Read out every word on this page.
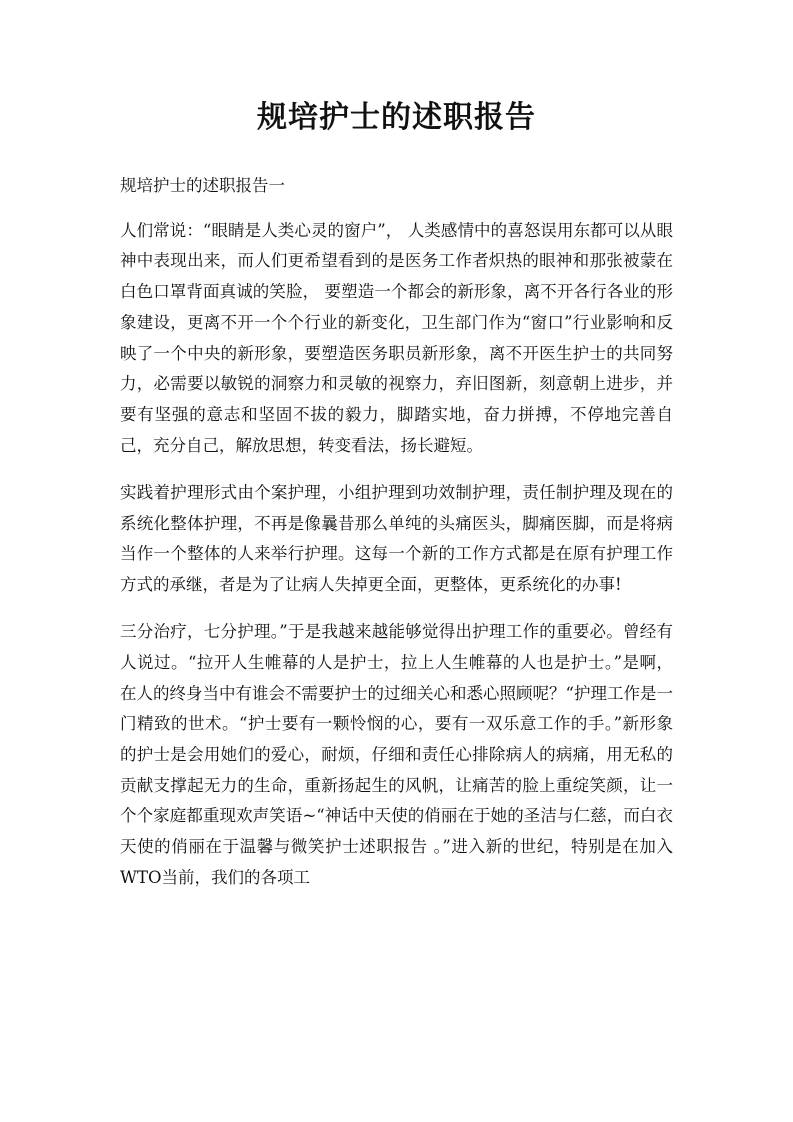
规培护士的述职报告

规培护士的述职报告一

人们常说：“眼睛是人类心灵的窗户”， 人类感情中的喜怒误用东都可以从眼神中表现出来，而人们更希望看到的是医务工作者炽热的眼神和那张被蒙在白色口罩背面真诚的笑脸， 要塑造一个都会的新形象，离不开各行各业的形象建设，更离不开一个个行业的新变化，卫生部门作为“窗口”行业影响和反映了一个中央的新形象，要塑造医务职员新形象，离不开医生护士的共同努力，必需要以敏锐的洞察力和灵敏的视察力，弃旧图新，刻意朝上进步，并要有坚强的意志和坚固不拔的毅力，脚踏实地，奋力拼搏，不停地完善自己，充分自己，解放思想，转变看法，扬长避短。

实践着护理形式由个案护理，小组护理到功效制护理，责任制护理及现在的系统化整体护理，不再是像曩昔那么单纯的头痛医头，脚痛医脚，而是将病当作一个整体的人来举行护理。这每一个新的工作方式都是在原有护理工作方式的承继，者是为了让病人失掉更全面，更整体，更系统化的办事!

三分治疗，七分护理。”于是我越来越能够觉得出护理工作的重要必。曾经有人说过。“拉开人生帷幕的人是护士，拉上人生帷幕的人也是护士。”是啊，在人的终身当中有谁会不需要护士的过细关心和悉心照顾呢？“护理工作是一门精致的世术。“护士要有一颗怜悯的心，要有一双乐意工作的手。”新形象的护士是会用她们的爱心，耐烦，仔细和责任心排除病人的病痛，用无私的贡献支撑起无力的生命，重新扬起生的风帆，让痛苦的脸上重绽笑颜，让一个个家庭都重现欢声笑语~“神话中天使的俏丽在于她的圣洁与仁慈，而白衣天使的俏丽在于温馨与微笑护士述职报告 。”进入新的世纪，特别是在加入WTO当前，我们的各项工
